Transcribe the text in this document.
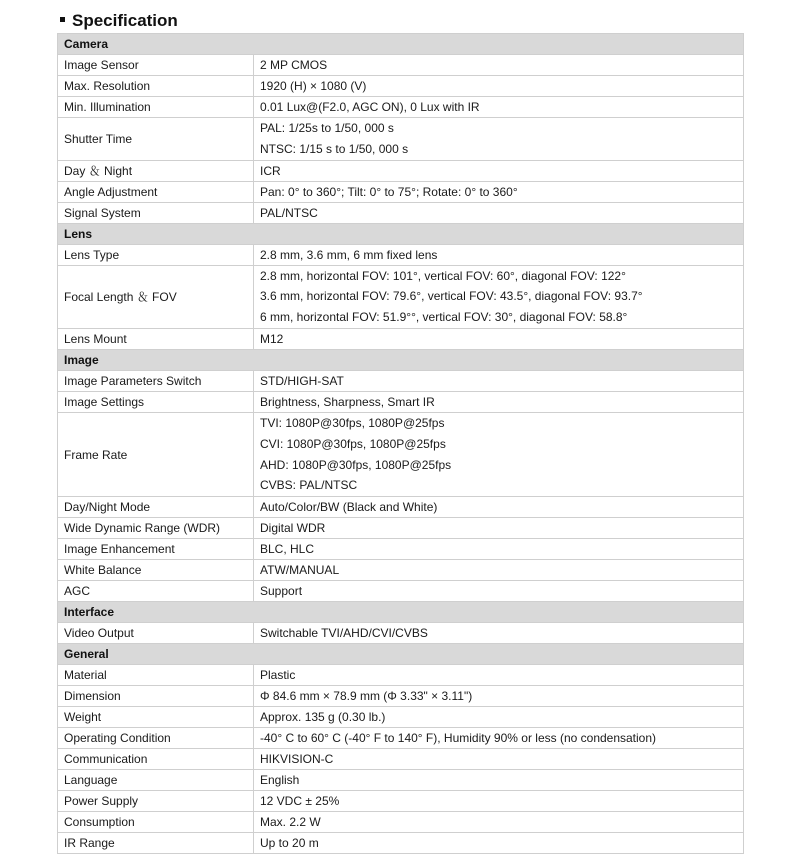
Specification
Camera	
Image Sensor	2 MP CMOS
Max. Resolution	1920 (H) × 1080 (V)
Min. Illumination	0.01 Lux@(F2.0, AGC ON), 0 Lux with IR
Shutter Time	PAL: 1/25s to 1/50, 000 s
NTSC: 1/15 s to 1/50, 000 s

Day ＆ Night	ICR
Angle Adjustment	Pan: 0° to 360°; Tilt: 0° to 75°; Rotate: 0° to 360°
Signal System	PAL/NTSC
Lens	
Lens Type	2.8 mm, 3.6 mm, 6 mm fixed lens
Focal Length ＆ FOV	2.8 mm, horizontal FOV: 101°, vertical FOV: 60°, diagonal FOV: 122°
3.6 mm, horizontal FOV: 79.6°, vertical FOV: 43.5°, diagonal FOV: 93.7°
6 mm, horizontal FOV: 51.9°°, vertical FOV: 30°, diagonal FOV: 58.8°

Lens Mount	M12
Image	
Image Parameters Switch	STD/HIGH-SAT
Image Settings	Brightness, Sharpness, Smart IR
Frame Rate	TVI: 1080P@30fps, 1080P@25fps
CVI: 1080P@30fps, 1080P@25fps
AHD: 1080P@30fps, 1080P@25fps
CVBS: PAL/NTSC

Day/Night Mode	Auto/Color/BW (Black and White)
Wide Dynamic Range (WDR)	Digital WDR
Image Enhancement	BLC, HLC
White Balance	ATW/MANUAL
AGC	Support
Interface	
Video Output	Switchable TVI/AHD/CVI/CVBS
General	
Material	Plastic
Dimension	Φ 84.6 mm × 78.9 mm (Φ 3.33" × 3.11")
Weight	Approx. 135 g (0.30 lb.)
Operating Condition	-40° C to 60° C (-40° F to 140° F), Humidity 90% or less (no condensation)
Communication	HIKVISION-C
Language	English
Power Supply	12 VDC ± 25%
Consumption	Max. 2.2 W
IR Range	Up to 20 m
